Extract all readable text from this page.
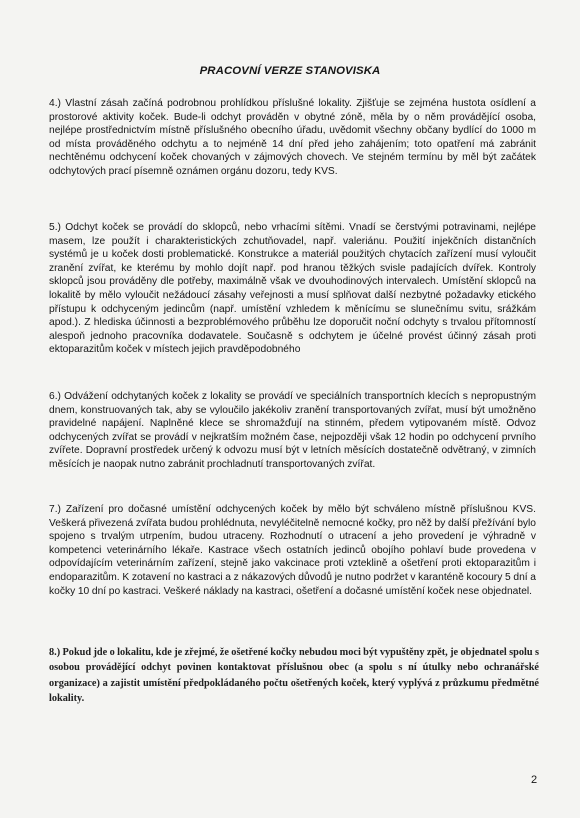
PRACOVNÍ VERZE STANOVISKA
4.) Vlastní zásah začíná podrobnou prohlídkou příslušné lokality. Zjišťuje se zejména hustota osídlení a prostorové aktivity koček. Bude-li odchyt prováděn v obytné zóně, měla by o něm provádějící osoba, nejlépe prostřednictvím místně příslušného obecního úřadu, uvědomit všechny občany bydlící do 1000 m od místa prováděného odchytu a to nejméně 14 dní před jeho zahájením; toto opatření má zabránit nechtěnému odchycení koček chovaných v zájmových chovech. Ve stejném termínu by měl být začátek odchytových prací písemně oznámen orgánu dozoru, tedy KVS.
5.) Odchyt koček se provádí do sklopců, nebo vrhacími sítěmi. Vnadí se čerstvými potravinami, nejlépe masem, lze použít i charakteristických zchutňovadel, např. valeriánu. Použití injekčních distančních systémů je u koček dosti problematické. Konstrukce a materiál použitých chytacích zařízení musí vyloučit zranění zvířat, ke kterému by mohlo dojít např. pod hranou těžkých svisle padajících dvířek. Kontroly sklopců jsou prováděny dle potřeby, maximálně však ve dvouhodinových intervalech. Umístění sklopců na lokalitě by mělo vyloučit nežádoucí zásahy veřejnosti a musí splňovat další nezbytné požadavky etického přístupu k odchyceným jedincům (např. umístění vzhledem k měnícímu se slunečnímu svitu, srážkám apod.). Z hlediska účinnosti a bezproblémového průběhu lze doporučit noční odchyty s trvalou přítomností alespoň jednoho pracovníka dodavatele. Současně s odchytem je účelné provést účinný zásah proti ektoparazitům koček v místech jejich pravděpodobného
6.) Odvážení odchytaných koček z lokality se provádí ve speciálních transportních klecích s nepropustným dnem, konstruovaných tak, aby se vyloučilo jakékoliv zranění transportovaných zvířat, musí být umožněno pravidelné napájení. Naplněné klece se shromažďují na stinném, předem vytipovaném místě. Odvoz odchycených zvířat se provádí v nejkratším možném čase, nejpozději však 12 hodin po odchycení prvního zvířete. Dopravní prostředek určený k odvozu musí být v letních měsících dostatečně odvětraný, v zimních měsících je naopak nutno zabránit prochladnutí transportovaných zvířat.
7.) Zařízení pro dočasné umístění odchycených koček by mělo být schváleno místně příslušnou KVS. Veškerá přivezená zvířata budou prohlédnuta, nevyléčitelně nemocné kočky, pro něž by další přežívání bylo spojeno s trvalým utrpením, budou utraceny. Rozhodnutí o utracení a jeho provedení je výhradně v kompetenci veterinárního lékaře. Kastrace všech ostatních jedinců obojího pohlaví bude provedena v odpovídajícím veterinárním zařízení, stejně jako vakcinace proti vzteklině a ošetření proti ektoparazitům i endoparazitům. K zotavení no kastraci a z nákazových důvodů je nutno podržet v karanténě kocoury 5 dní a kočky 10 dní po kastraci. Veškeré náklady na kastraci, ošetření a dočasné umístění koček nese objednatel.
8.) Pokud jde o lokalitu, kde je zřejmé, že ošetřené kočky nebudou moci být vypuštěny zpět, je objednatel spolu s osobou provádějící odchyt povinen kontaktovat příslušnou obec (a spolu s ní útulky nebo ochranářské organizace) a zajistit umístění předpokládaného počtu ošetřených koček, který vyplývá z průzkumu předmětné lokality.
2
